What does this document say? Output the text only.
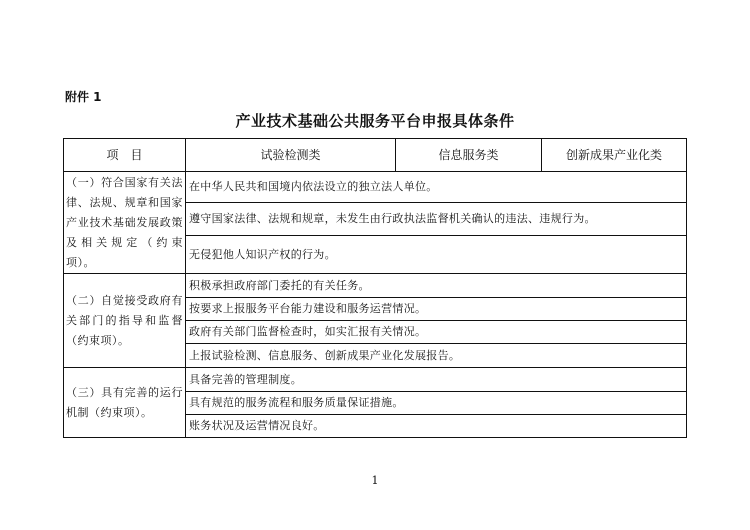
附件 1
产业技术基础公共服务平台申报具体条件
项　目	试验检测类	信息服务类	创新成果产业化类
（一）符合国家有关法律、法规、规章和国家产业技术基础发展政策及相关规定（约束项）。	在中华人民共和国境内依法设立的独立法人单位。		
	遵守国家法律、法规和规章，未发生由行政执法监督机关确认的违法、违规行为。		
	无侵犯他人知识产权的行为。		
（二）自觉接受政府有关部门的指导和监督（约束项）。	积极承担政府部门委托的有关任务。		
	按要求上报服务平台能力建设和服务运营情况。		
	政府有关部门监督检查时，如实汇报有关情况。		
	上报试验检测、信息服务、创新成果产业化发展报告。		
（三）具有完善的运行机制（约束项）。	具备完善的管理制度。		
	具有规范的服务流程和服务质量保证措施。		
	账务状况及运营情况良好。		
1
